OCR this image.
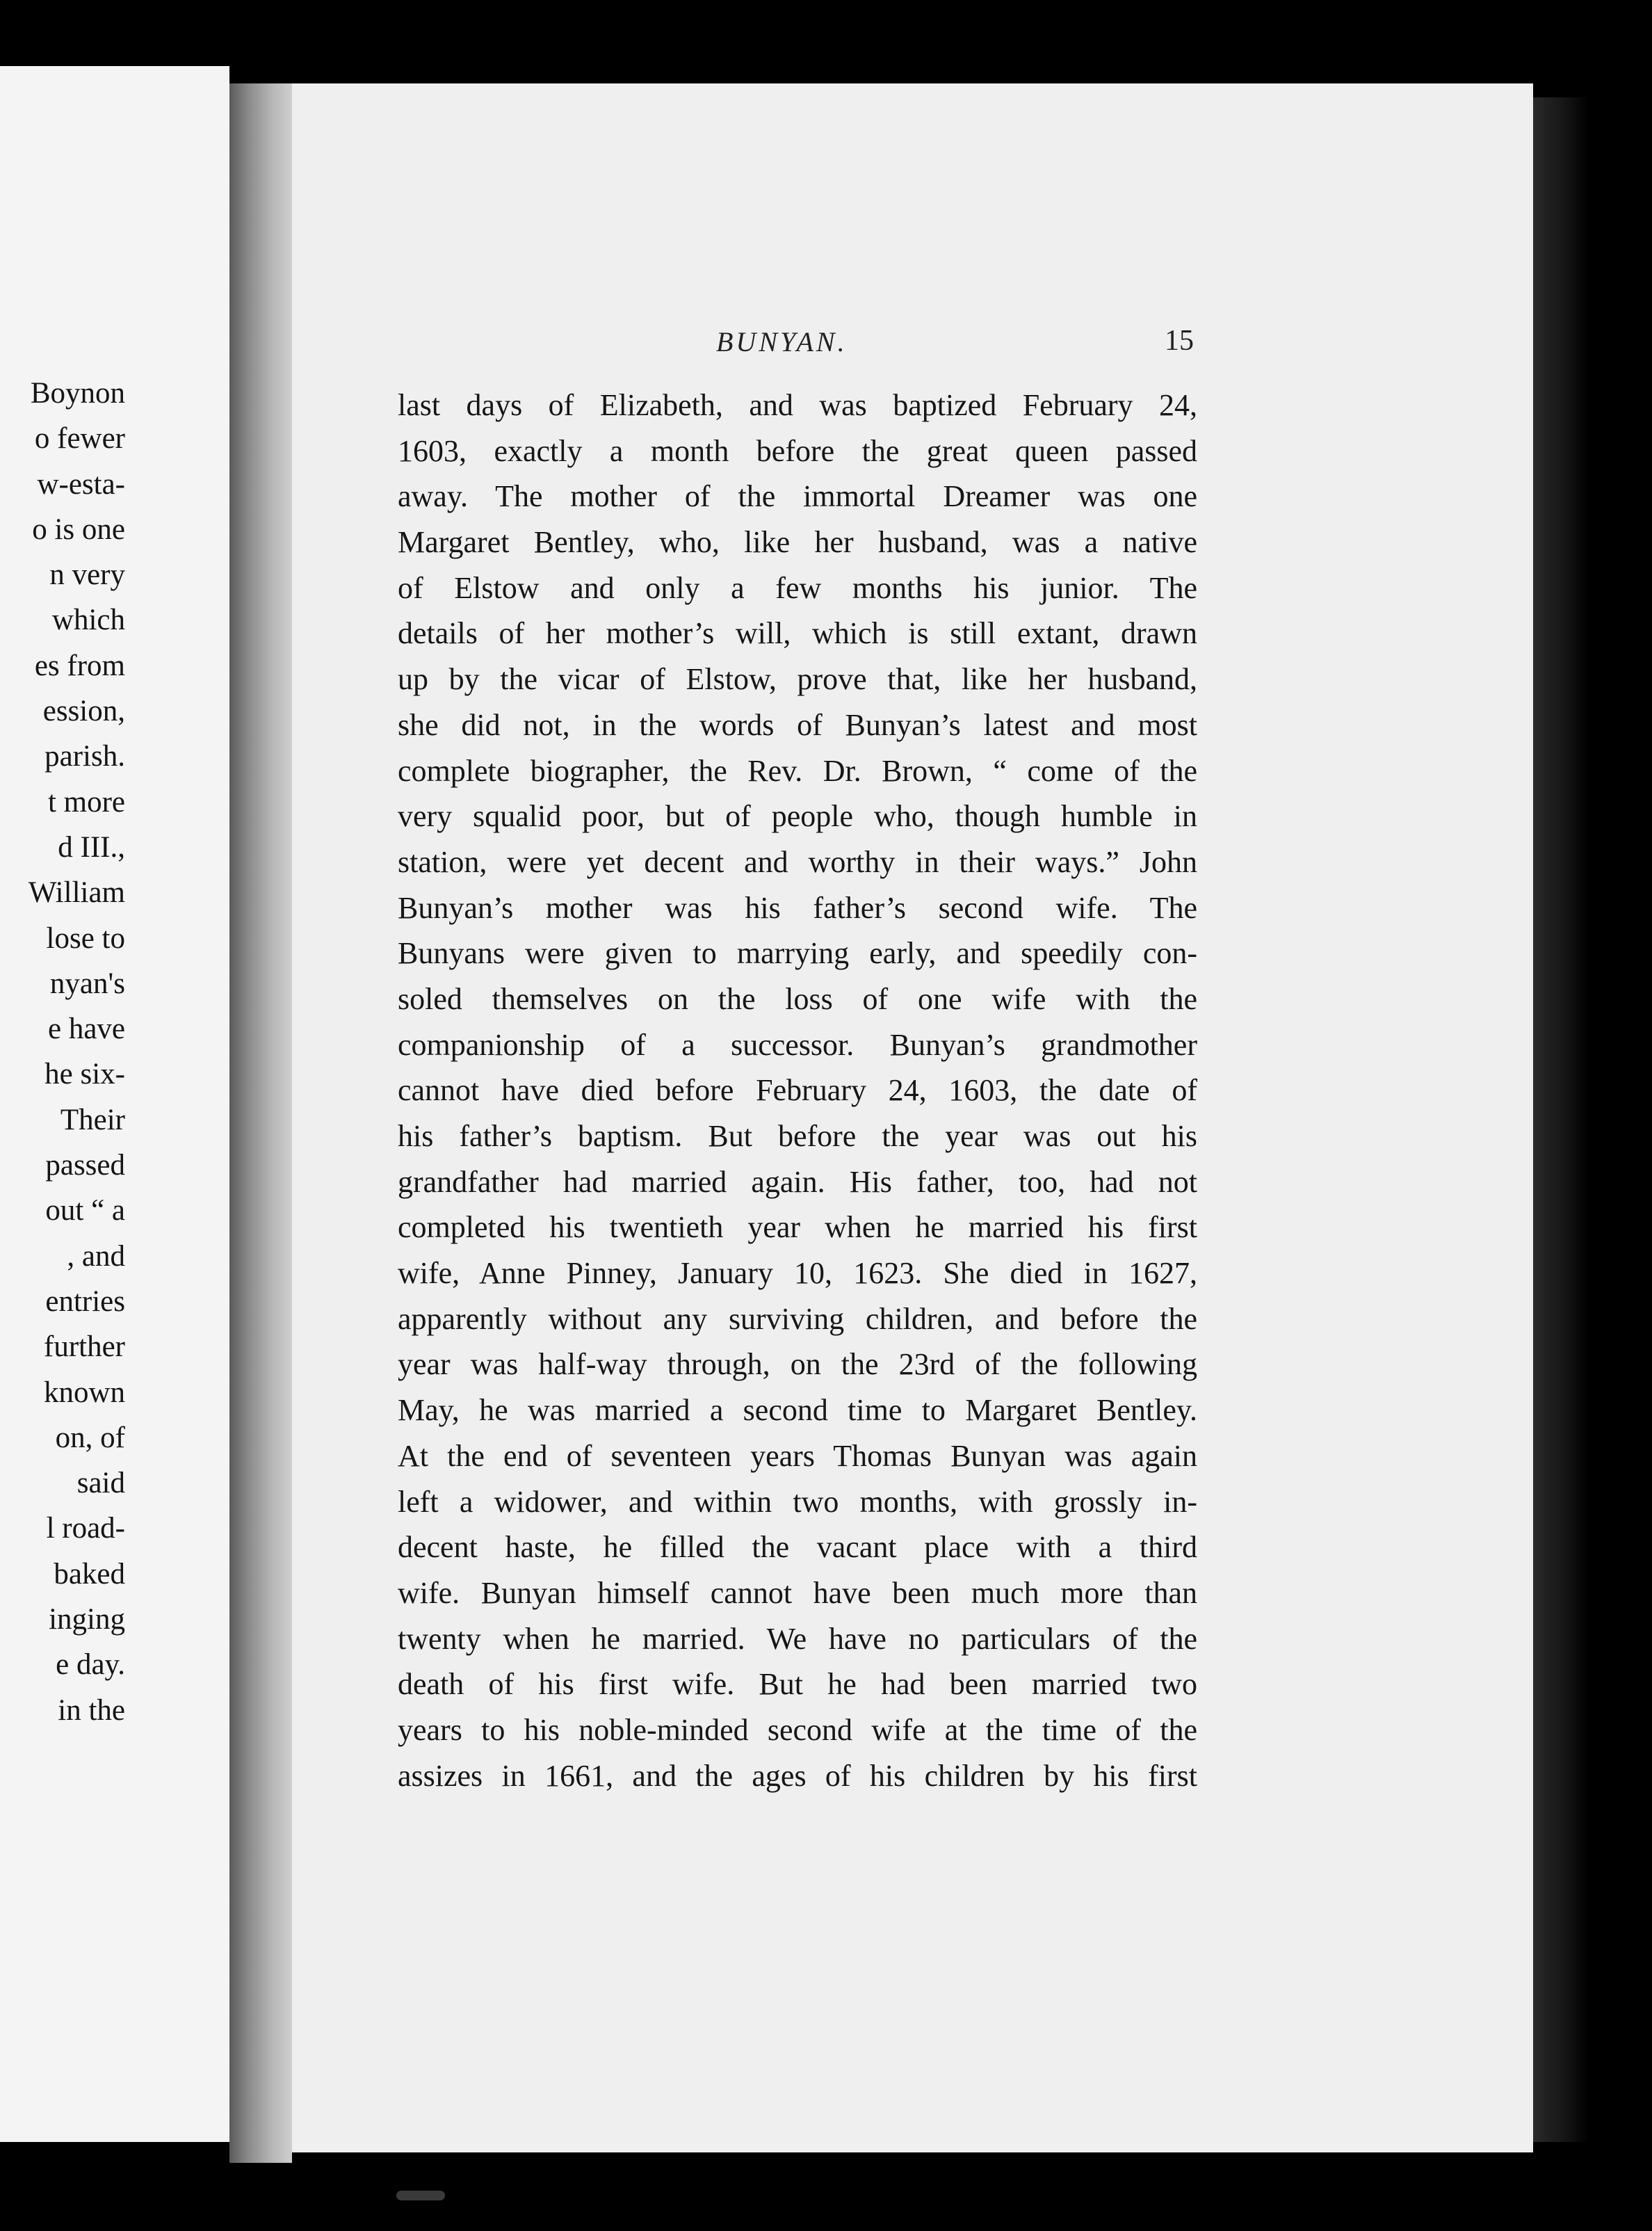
Boynon
o fewer
w-esta-
o is one
n very
which
es from
ession,
parish.
t more
d III.,
William
lose to
nyan's
e have
he six-
Their
passed
out “ a
, and
entries
further
known
on, of
said
l road-
baked
inging
e day.
in the
BUNYAN.	15
last days of Elizabeth, and was baptized February 24,
1603, exactly a month before the great queen passed
away. The mother of the immortal Dreamer was one
Margaret Bentley, who, like her husband, was a native
of Elstow and only a few months his junior. The
details of her mother’s will, which is still extant, drawn
up by the vicar of Elstow, prove that, like her husband,
she did not, in the words of Bunyan’s latest and most
complete biographer, the Rev. Dr. Brown, “ come of the
very squalid poor, but of people who, though humble in
station, were yet decent and worthy in their ways.” John
Bunyan’s mother was his father’s second wife. The
Bunyans were given to marrying early, and speedily con-
soled themselves on the loss of one wife with the
companionship of a successor. Bunyan’s grandmother
cannot have died before February 24, 1603, the date of
his father’s baptism. But before the year was out his
grandfather had married again. His father, too, had not
completed his twentieth year when he married his first
wife, Anne Pinney, January 10, 1623. She died in 1627,
apparently without any surviving children, and before the
year was half-way through, on the 23rd of the following
May, he was married a second time to Margaret Bentley.
At the end of seventeen years Thomas Bunyan was again
left a widower, and within two months, with grossly in-
decent haste, he filled the vacant place with a third
wife. Bunyan himself cannot have been much more than
twenty when he married. We have no particulars of the
death of his first wife. But he had been married two
years to his noble-minded second wife at the time of the
assizes in 1661, and the ages of his children by his first
